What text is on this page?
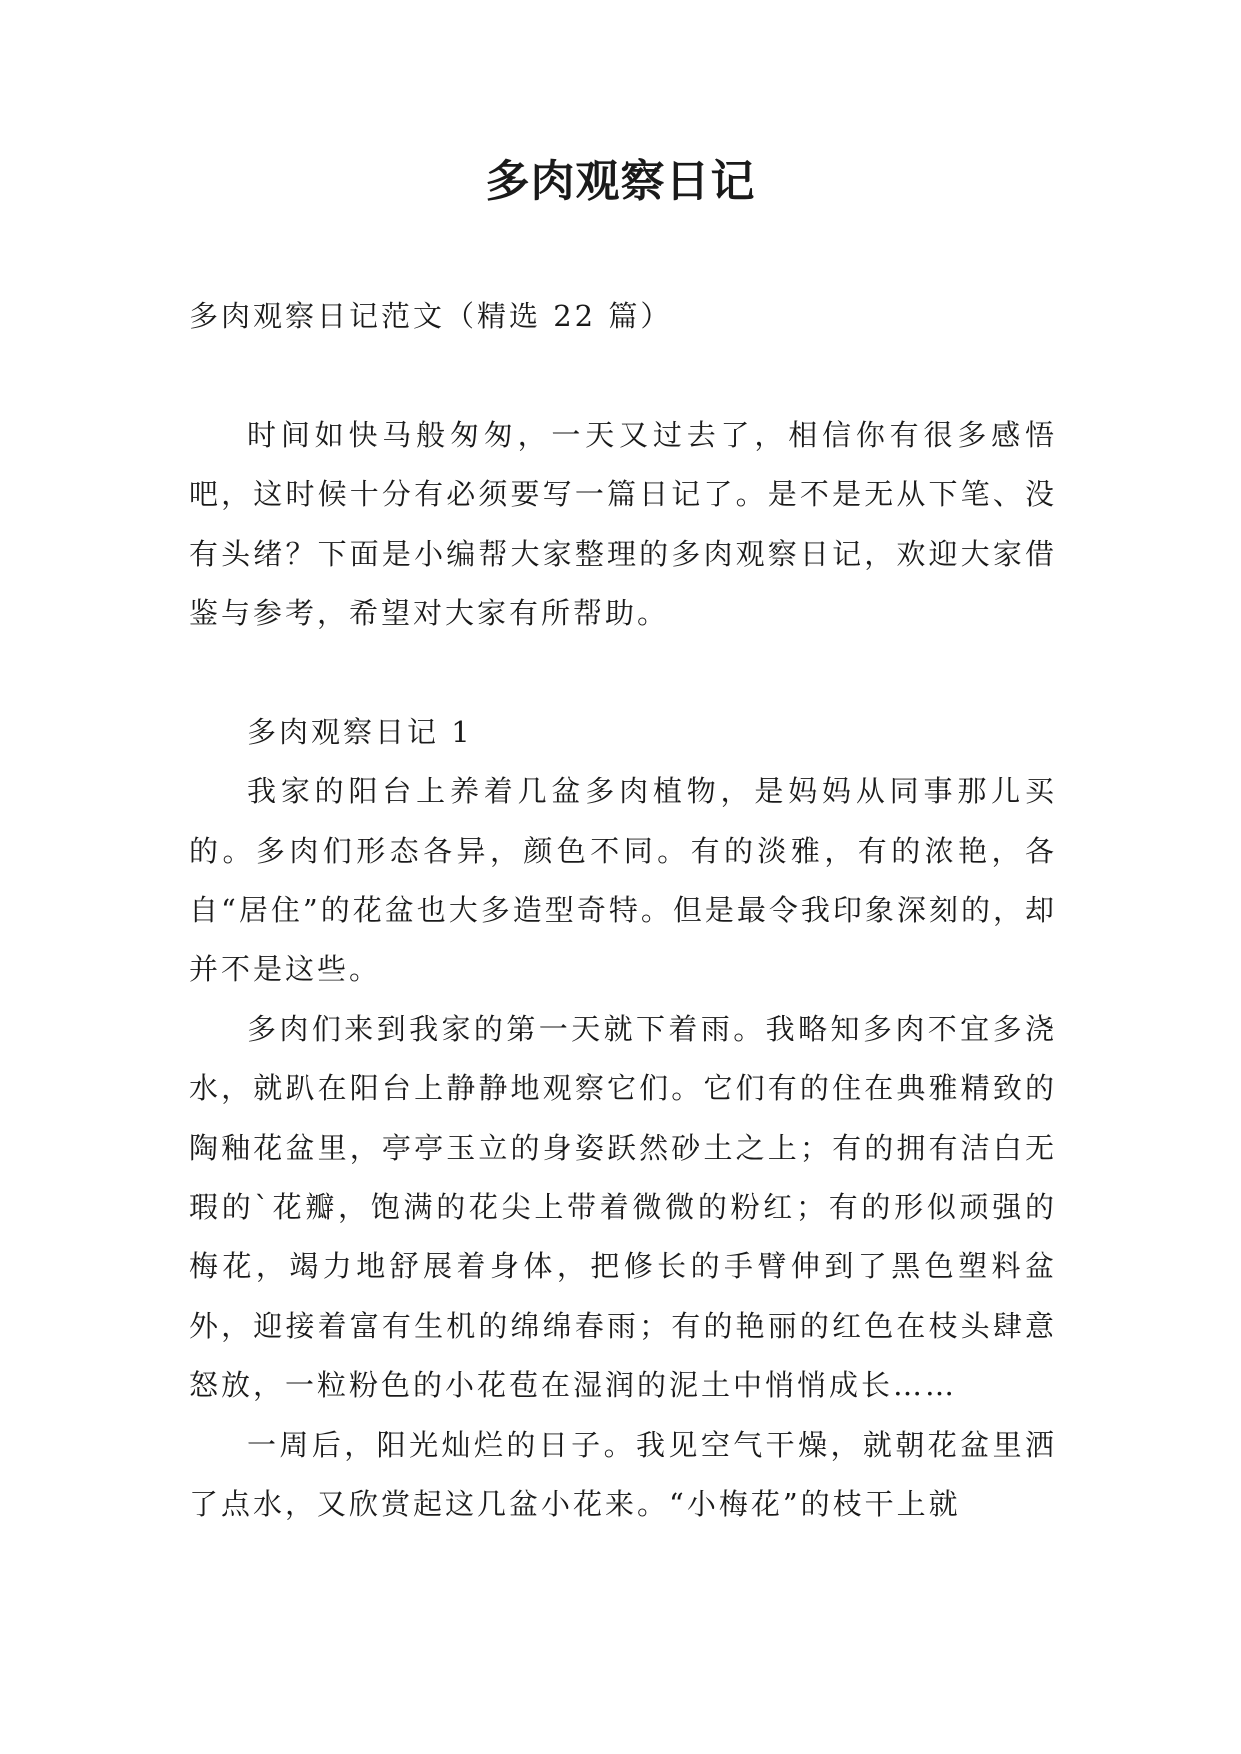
多肉观察日记

多肉观察日记范文（精选 22 篇）

时间如快马般匆匆，一天又过去了，相信你有很多感悟吧，这时候十分有必须要写一篇日记了。是不是无从下笔、没有头绪？下面是小编帮大家整理的多肉观察日记，欢迎大家借鉴与参考，希望对大家有所帮助。

多肉观察日记 1

我家的阳台上养着几盆多肉植物，是妈妈从同事那儿买的。多肉们形态各异，颜色不同。有的淡雅，有的浓艳，各自“居住”的花盆也大多造型奇特。但是最令我印象深刻的，却并不是这些。

多肉们来到我家的第一天就下着雨。我略知多肉不宜多浇水，就趴在阳台上静静地观察它们。它们有的住在典雅精致的陶釉花盆里，亭亭玉立的身姿跃然砂土之上；有的拥有洁白无瑕的`花瓣，饱满的花尖上带着微微的粉红；有的形似顽强的梅花，竭力地舒展着身体，把修长的手臂伸到了黑色塑料盆外，迎接着富有生机的绵绵春雨；有的艳丽的红色在枝头肆意怒放，一粒粉色的小花苞在湿润的泥土中悄悄成长……

一周后，阳光灿烂的日子。我见空气干燥，就朝花盆里洒了点水，又欣赏起这几盆小花来。“小梅花”的枝干上就
